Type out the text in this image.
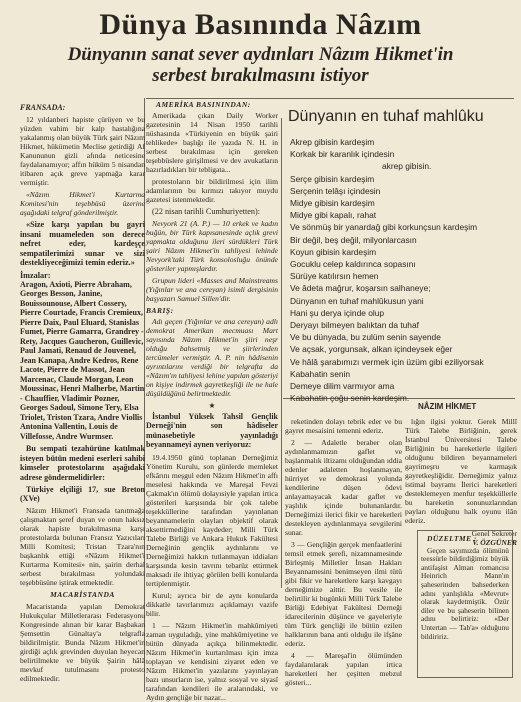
Dünya Basınında Nâzım
Dünyanın sanat sever aydınları Nâzım Hikmet'in
serbest bırakılmasını istiyor
FRANSADA:
12 yıldanberi hapiste çürüyen ve bu yüzden vahim bir kalp hastalığına yakalanmış olan büyük Türk şairi Nâzım Hikmet, hükümetin Meclise getirdiği Af Kanununun gizli afında neticesine faydalanamıyor; affın hüküm 5 nisandan itibaren açık greve yapmağa karar vermiştir.
«Nâzım Hikmet'i Kurtarma Komitesi'nin teşebbüsü üzerine aşağıdaki telgraf gönderilmiştir.
«Size karşı yapılan bu gayri insani muameleden son derece nefret eder, kardeşçe sempatilerimizi sunar ve sizi destekliyeceğimizi temin ederiz.»
İmzalar:
Aragon, Axioti, Pierre Abraham, Georges Besson, Janine, Bouissounouse, Albert Cossery, Pierre Courtade, Francis Cremieux, Pierre Daix, Paul Eluard, Stanislas Fumet, Pierre Gamarra, Grandrey - Rety, Jacques Gaucheron, Guillevic, Paul Jamati, Renaud de Jouvenel, Jean Kanapa, Andre Kedros, Rene Lacote, Pierre de Massot, Jean Marcenac, Claude Morgan, Leon Moussinac, Henri Malherbe, Martin - Chauffier, Vladimir Pozner, Georges Sadoul, Simone Tery, Elsa Triolet, Triston Tzara, Andre Viollis Antonina Vallentin, Louis de Villefosse, Andre Wurmser.
Bu sempati tezahürüne katılmak isteyen bütün medeni eserleri sahibi kimseler protestolarını aşağıdaki adrese göndermelidirler:
Türkiye elçiliği 17, sue Breton (XVe)
Nâzım Hikmet'i Fransada tanıtmağa çalışmaktan şeref duyan ve onun haksız olarak hapiste bırakılmasına karşı protestolarda bulunan Fransız Yazıcıları Milli Komitesi; Tristan Tzara'nın başkanlık ettiği «Nâzım Hikmet'i Kurtarma Komitesi» nin, şairin derhal serbest bırakılması yolundaki teşebbüsüne iştirak etmektedir.
MACARİSTANDA
Macaristanda yapılan Demokrat Hukukçular Milletlerarası Federasyonu Kongresinde alınan bir karar Başbakan Şemsettin Günaltay'a telgrafla bildirilmiştir. Bunda Nâzım Hikmet'in girdiği açlık grevinden duyulan heyecan belirtilmekte ve büyük Şairin hâlâ mevkuf tutulmasını protesto edilmektedir.
AMERİKA BASININDAN:
Amerikada çıkan Daily Worker gazetesinin 14 Nisan 1950 tarihli nüshasında «Türkiyenin en büyük şairi tehlikede» başlığı ile yazıda N. H. in serbest bırakılması için gereken teşebbüslere girişilmesi ve dev avukatların hazırladıkları bir tebligata...
protestoların bir bildirilmesi için ilim adamlarının bu kırmızı takıyor muydu gazetesi istenmektedir.
(22 nisan tarihli Cumhuriyetten):
Nevyork 21 (A. P.) — 10 erkek ve kadın buğün, bir Türk kapısanesinde açlık grevi yapmakta olduğunu ileri sürdükleri Türk şairi Nâzım Hikmet'in tahliyesi lehinde Nevyork'taki Türk konsolosluğu önünde gösteriler yapmışlardır.
Grupun lideri «Masses and Mainstreams (Yığınlar ve ana cereyan) isimli dergisinin başyazarı Samuel Sillen'dir.
BARIŞ:
Adı geçen (Yığınlar ve ana cereyan) adlı demokrat Amerikan mecmuası Mart sayısında Nâzım Hikmet'in şiiri neşr olduğu bahsetmiş ve şiirlerinden tercümeler vermiştir. A. P. nin hâdisenin ayrıntılarını verdiği bir telgrafta da «Nâzım'ın tahliyesi lehine yapılan gösteriyi on kişiye indirmek gayretkeşliği ile ne hale düşüldüğünü belirtmektedir.
★
İstanbul Yüksek Tahsil Gençlik Derneği'nin son hâdiseler münasebetiyle yayınladığı beyannameyi aynen veriyoruz:
19.4.1950 günü toplanan Derneğimiz Yönetim Kurulu, son günlerde memleket efkârını meşgul eden Nâzım Hikmet'in affı meselesi hakkında ve Mareşal Fevzi Çakmak'ın ölümü dolayısiyle yapılan irtica gösterileri karşısında bir çok talebe teşekküllerine tarafından yayınlanan beyannamelerin olayları objektif olarak aksettirmediğini kaydeder; Milli Türk Talebe Birliği ve Ankara Hukuk Fakültesi Derneğinin gençlik aydınlarını ve Derneğimizi hakkın tutlanmayan iddiaları karşısında kesin tavrını tebarüz ettirmek maksadı ile ihtiyaç görülen belli konularda tertiplenmiştir.
Kurul; ayrıca bir de aynı konularda dikkatle tavırlarımızı açıklamayı vazife bilir.
1 — Nâzım Hikmet'in mahkûmiyeti zaman uyguladığı, yine mahkûmiyetine ve bütün dünyada açıkça bilinmektedir. Nâzım Hikmet'in kurtarılması için imza toplayan ve kendisini ziyaret eden ve Nâzım Hikmet'in yazılarını yayınlayan bazı unsurların ise, yalnız sosyal ve siyasî tarafından kendileri ile aralarındaki, ve Aydın gençliğe bir nazar...
Dünyanın en tuhaf mahlûku
Akrep gibisin kardeşim
Korkak bir karanlık içindesin
akrep gibisin.
Serçe gibisin kardeşim
Serçenin telâşı içindesin
Midye gibisin kardeşim
Midye gibi kapalı, rahat
Ve sönmüş bir yanardağ gibi korkunçsun kardeşim
Bir değil, beş değil, milyonlarcasın
Koyun gibisin kardeşim
Gocuklu celep kaldırınca sopasını
Sürüye katılırsın hemen
Ve âdeta mağrur, koşarsın salhaneye;
Dünyanın en tuhaf mahlûkusun yani
Hani şu derya içinde olup
Deryayı bilmeyen balıktan da tuhaf
Ve bu dünyada, bu zulüm senin sayende
Ve açsak, yorgunsak, alkan içindeysek eğer
Ve hâlâ şarabımızı vermek için üzüm gibi eziliyorsak
Kabahatin senin
Demeye dilim varmıyor ama
Kabahatin çoğu senin kardeşim.
NÂZIM HİKMET
reketinden dolayı tebrik eder ve bu gayret mesaisini temenni ederiz.
2 — Adaletle beraber olan aydınlanmamızın gaflet ve başlanmalık iltizamı olduğundan ıddia edenler adaletten hoşlanmayan, hürriyet ve demokrasi yolunda kendilerine düşen ödevi anlayamayacak kadar gaflet ve yaşlılık içinde bulunanlardır. Derneğimizi ilerici fikir ve hareketleri destekleyen aydınlanmaya sevgilerini sunar.
3 — Gençliğin gerçek menfaatlerini temsil etmek şerefi, nizamnamesinde Birleşmiş Milletler İnsan Hakları Beyannamesini benimseyen ilmi tütü gibi fikir ve hareketlere karşı kavgayı derneğimize aittir. Bu vesile ile belirtilir ki bugünkü Milli Türk Talebe Birliği Edebiyat Fakültesi Derneği idarecilerinin düşünce ve gayeleriyle tüm Türk gençliği ile bütün ezilen halklarının bana anti olduğu ile ifşâne ederiz.
4 — Mareşal'in ölümünden faydalanılarak yapılan irtica hareketleri her çeşitten mebzul gösteri...
lığın ilgisi yoktur. Gerek Millî Türk Talebe Birliğinin, gerek İstanbul Üniversitesi Talebe Birliğinin bu hareketlerle ilgileri olduğunu bildiren beyannameleri gayrimeşru ve karmaşık gayretkeşliğidir. Derneğimiz yalnız istimal bayramı İlerici hareketleri desteklemeyen menfur teşekküllerle bu hareketin sonunuzlarından payları olduğunu halk oyunu ilân ederiz.
Genel Sekreter
V. ÖZGÜNER
DÜZELTME :
Geçen sayımızda ölümünü teessürle bildirdiğimiz büyük antifaşist Alman romancısı Heinrich Mann'ın şaheserinden bahsederken adını yanlışlıkla «Mevrut» olarak kaydetmiştik. Özür diler ve bu şaheserin bilinen adını belirtiriz: «Der Untertan — Tab'a» olduğunu bildiririz.
